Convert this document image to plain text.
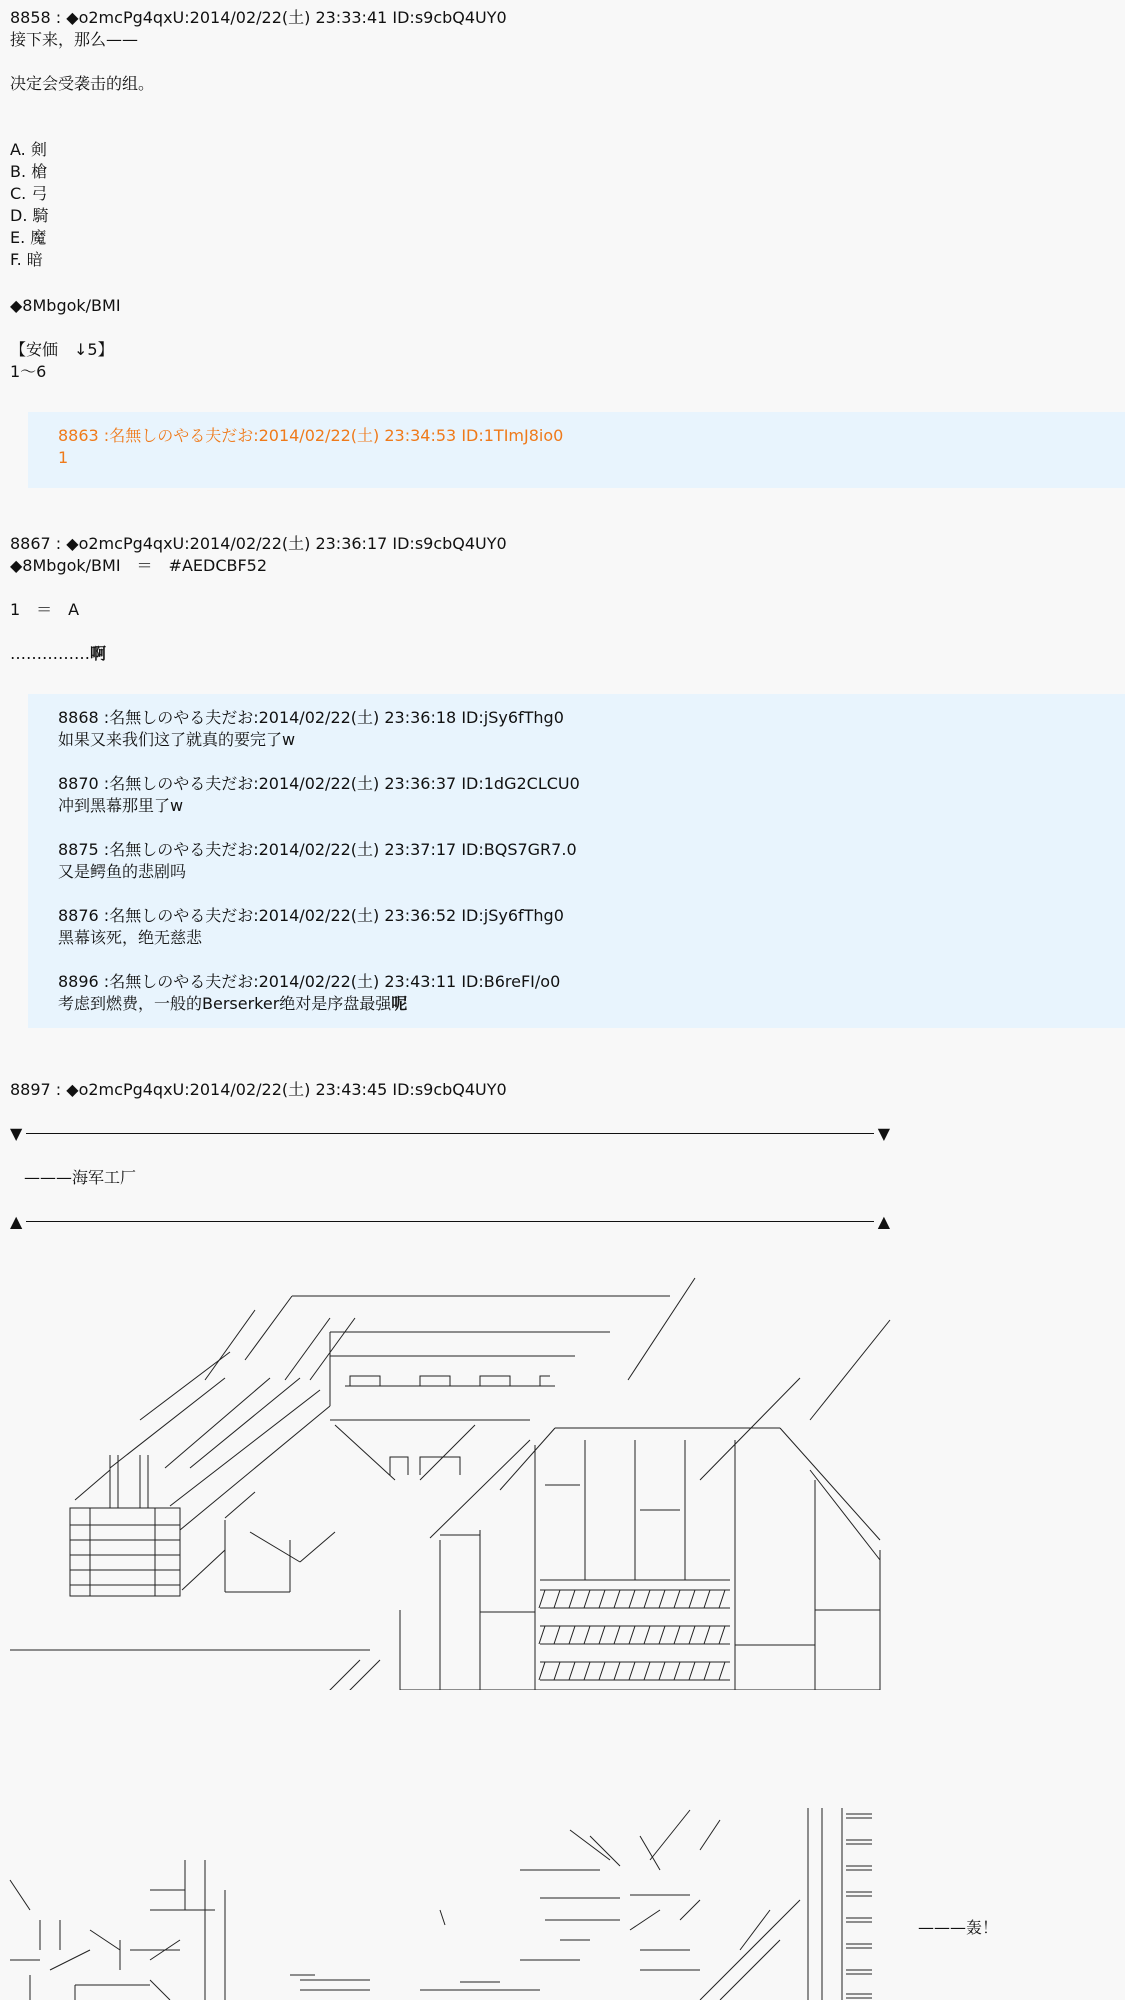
8858 : ◆o2mcPg4qxU:2014/02/22(土) 23:33:41 ID:s9cbQ4UY0
接下来，那么——
决定会受袭击的组。
A. 剣
B. 槍
C. 弓
D. 騎
E. 魔
F. 暗
◆8Mbgok/BMI
【安価　↓5】
1〜6
8863 :名無しのやる夫だお:2014/02/22(土) 23:34:53 ID:1TImJ8io0
1
8867 : ◆o2mcPg4qxU:2014/02/22(土) 23:36:17 ID:s9cbQ4UY0
◆8Mbgok/BMI　＝　#AEDCBF52
1　＝　A
……………啊
8868 :名無しのやる夫だお:2014/02/22(土) 23:36:18 ID:jSy6fThg0
如果又来我们这了就真的要完了w
8870 :名無しのやる夫だお:2014/02/22(土) 23:36:37 ID:1dG2CLCU0
冲到黑幕那里了w
8875 :名無しのやる夫だお:2014/02/22(土) 23:37:17 ID:BQS7GR7.0
又是鳄鱼的悲剧吗
8876 :名無しのやる夫だお:2014/02/22(土) 23:36:52 ID:jSy6fThg0
黑幕该死，绝无慈悲
8896 :名無しのやる夫だお:2014/02/22(土) 23:43:11 ID:B6reFI/o0
考虑到燃费，一般的Berserker绝对是序盘最强呢
8897 : ◆o2mcPg4qxU:2014/02/22(土) 23:43:45 ID:s9cbQ4UY0
▼	▼
———海军工厂
▲	▲
———轰！
